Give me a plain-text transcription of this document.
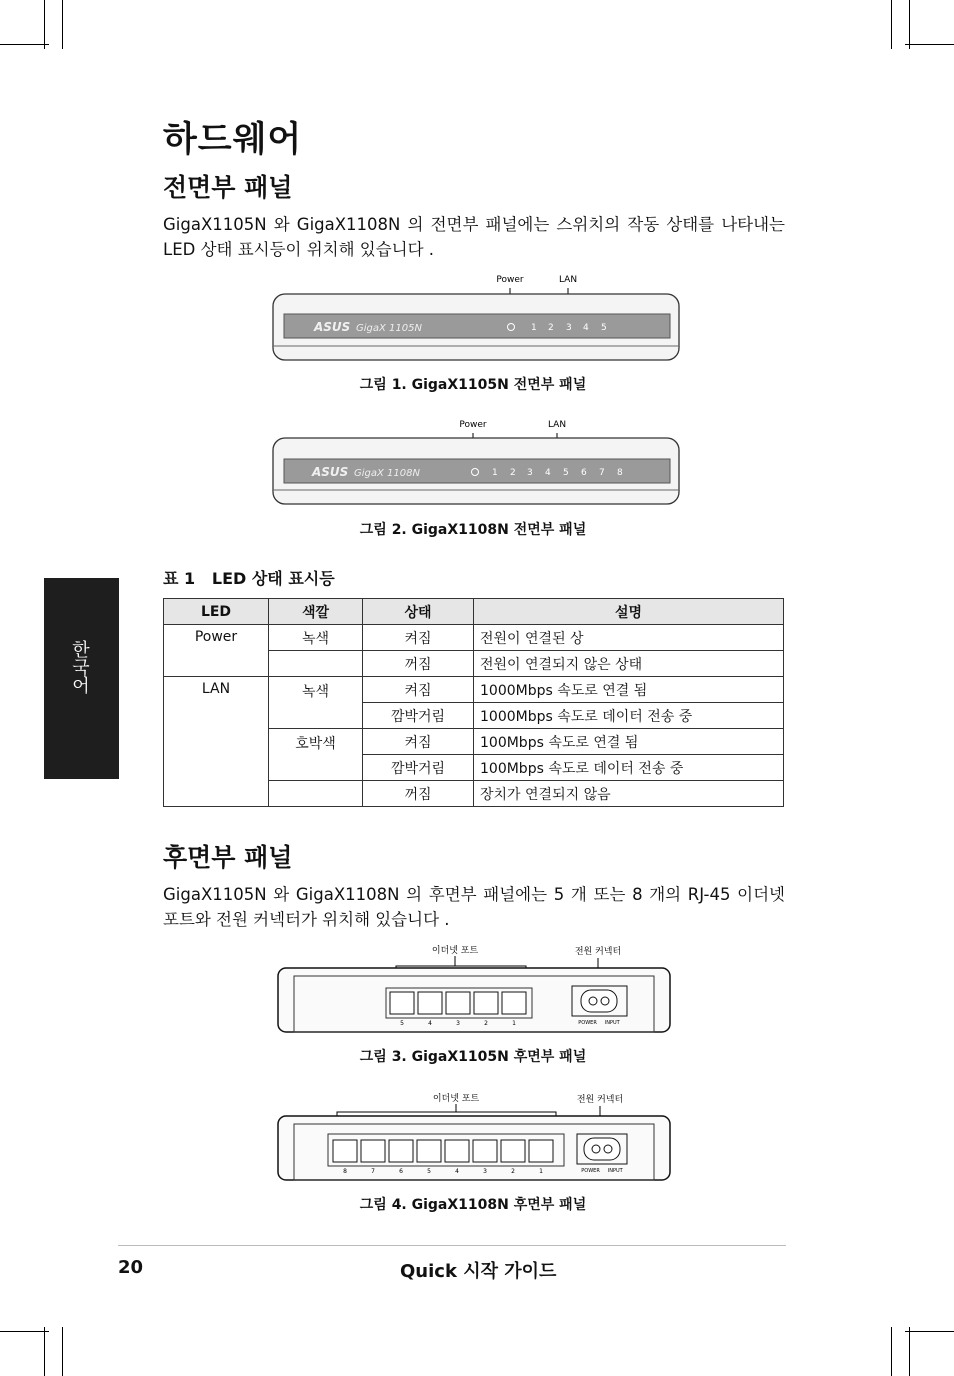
한국어
하드웨어
전면부 패널
GigaX1105N 와 GigaX1108N 의 전면부 패널에는 스위치의 작동 상태를 나타내는 LED 상태 표시등이 위치해 있습니다 .
Power	LAN
ASUS GigaX 1105N	1 2 3 4 5
그림 1. GigaX1105N 전면부 패널
Power	LAN
ASUS GigaX 1108N	1 2 3 4 5 6 7 8
그림 2. GigaX1108N 전면부 패널
표 1   LED 상태 표시등
LED	색깔	상태	설명
Power	녹색	켜짐	전원이 연결된 상
		꺼짐	전원이 연결되지 않은 상태
LAN	녹색	켜짐	1000Mbps 속도로 연결 됨
		깜박거림	1000Mbps 속도로 데이터 전송 중
	호박색	켜짐	100Mbps 속도로 연결 됨
		깜박거림	100Mbps 속도로 데이터 전송 중
		꺼짐	장치가 연결되지 않음
후면부 패널
GigaX1105N 와 GigaX1108N 의 후면부 패널에는 5 개 또는 8 개의 RJ-45 이더넷 포트와 전원 커넥터가 위치해 있습니다 .
이더넷 포트	전원 커넥터
5	4	3	2	1	POWER     INPUT
그림 3. GigaX1105N 후면부 패널
이더넷 포트	전원 커넥터
8	7	6	5	4	3	2	1	POWER     INPUT
그림 4. GigaX1108N 후면부 패널
20	Quick 시작 가이드
